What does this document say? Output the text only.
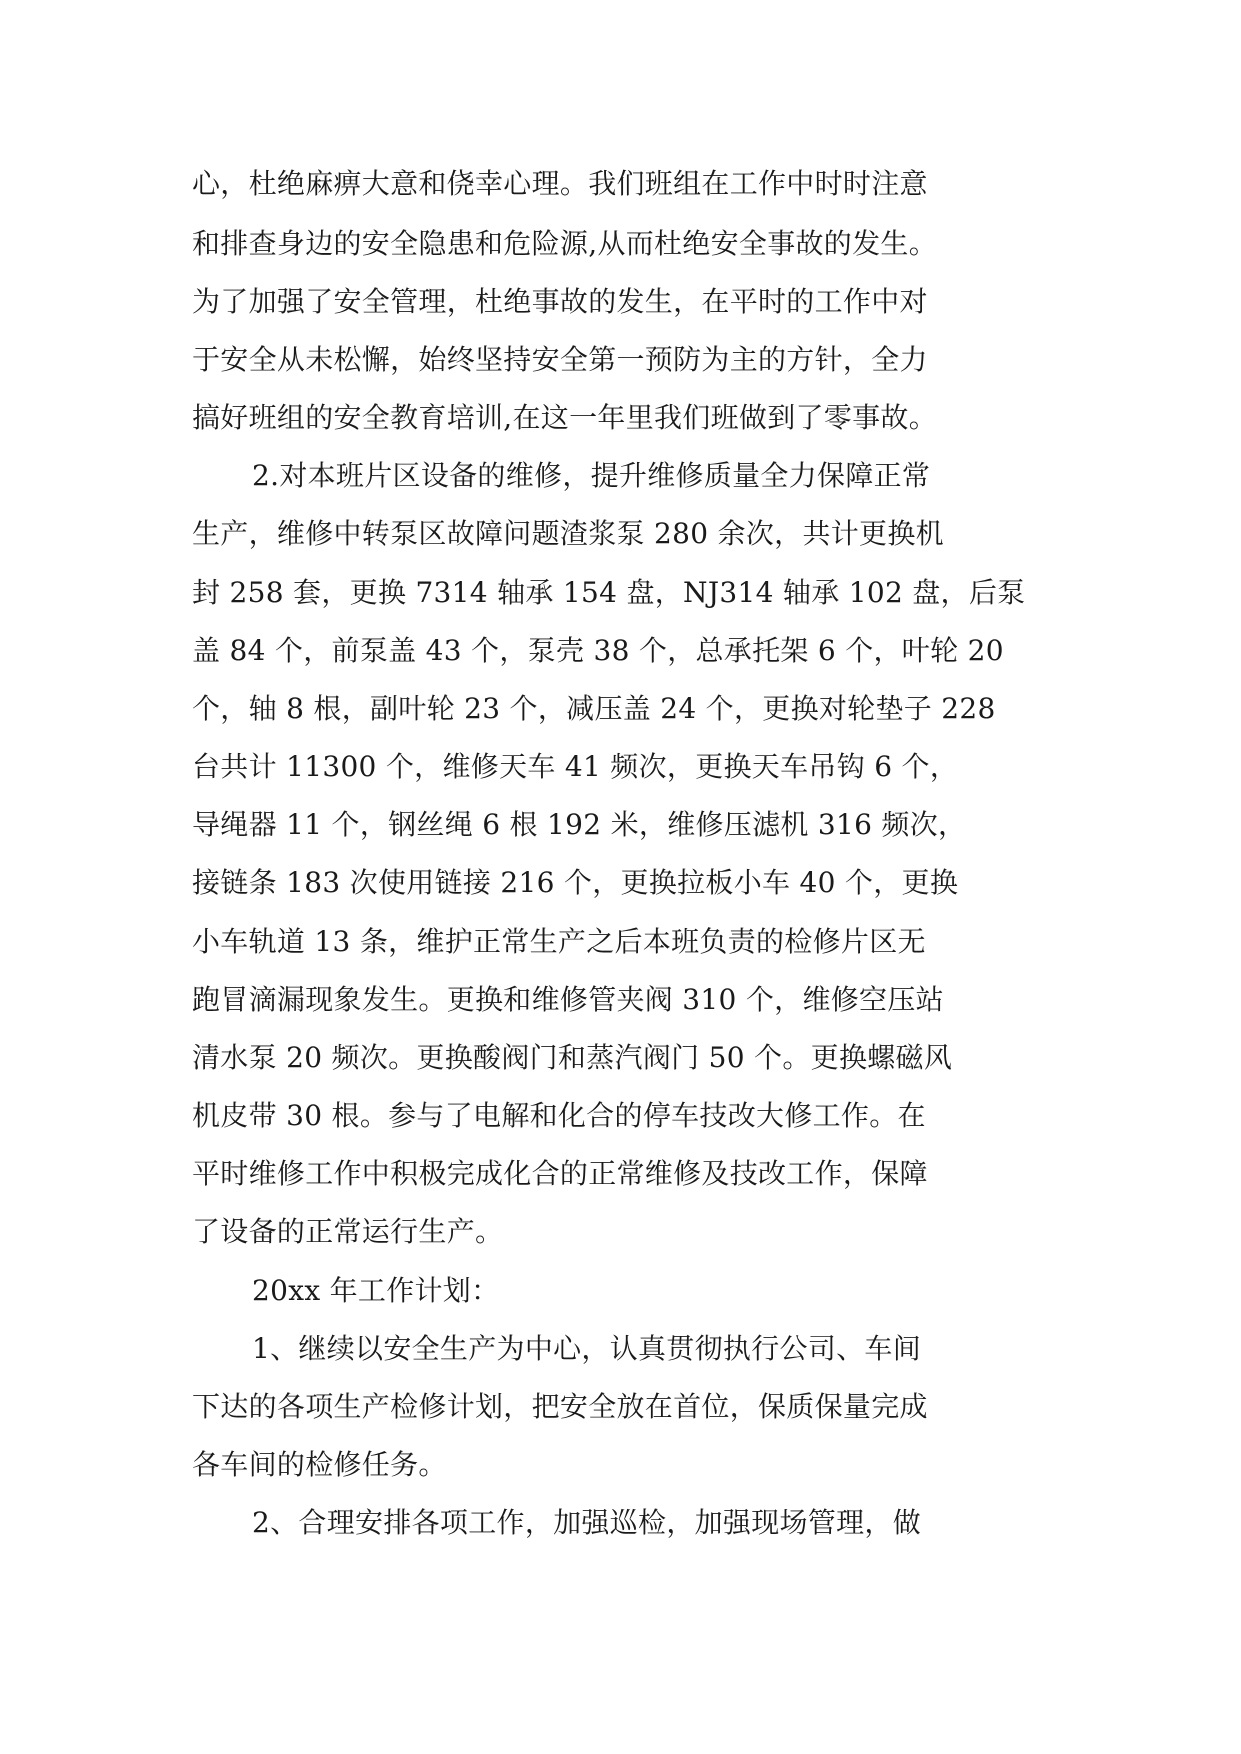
心，杜绝麻痹大意和侥幸心理。我们班组在工作中时时注意
和排查身边的安全隐患和危险源,从而杜绝安全事故的发生。
为了加强了安全管理，杜绝事故的发生，在平时的工作中对
于安全从未松懈，始终坚持安全第一预防为主的方针，全力
搞好班组的安全教育培训,在这一年里我们班做到了零事故。
2.对本班片区设备的维修，提升维修质量全力保障正常
生产，维修中转泵区故障问题渣浆泵 280 余次，共计更换机
封 258 套，更换 7314 轴承 154 盘，NJ314 轴承 102 盘，后泵
盖 84 个，前泵盖 43 个，泵壳 38 个，总承托架 6 个，叶轮 20
个，轴 8 根，副叶轮 23 个，减压盖 24 个，更换对轮垫子 228
台共计 11300 个，维修天车 41 频次，更换天车吊钩 6 个，
导绳器 11 个，钢丝绳 6 根 192 米，维修压滤机 316 频次，
接链条 183 次使用链接 216 个，更换拉板小车 40 个，更换
小车轨道 13 条，维护正常生产之后本班负责的检修片区无
跑冒滴漏现象发生。更换和维修管夹阀 310 个，维修空压站
清水泵 20 频次。更换酸阀门和蒸汽阀门 50 个。更换螺磁风
机皮带 30 根。参与了电解和化合的停车技改大修工作。在
平时维修工作中积极完成化合的正常维修及技改工作，保障
了设备的正常运行生产。
20xx 年工作计划：
1、继续以安全生产为中心，认真贯彻执行公司、车间
下达的各项生产检修计划，把安全放在首位，保质保量完成
各车间的检修任务。
2、合理安排各项工作，加强巡检，加强现场管理，做
